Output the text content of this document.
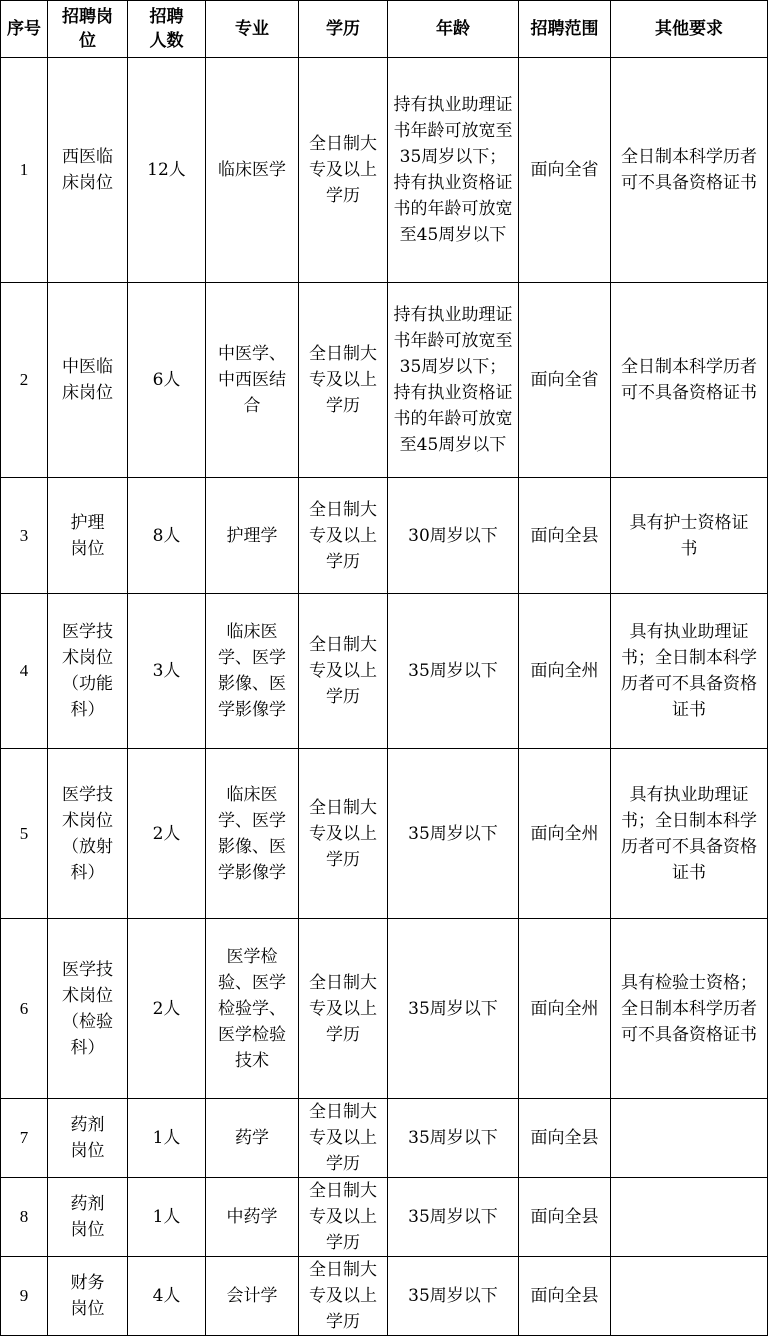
序号	招聘岗位	招聘人数	专业	学历	年龄	招聘范围	其他要求
1	西医临床岗位	12人	临床医学	全日制大专及以上学历	持有执业助理证书年龄可放宽至35周岁以下；持有执业资格证书的年龄可放宽至45周岁以下	面向全省	全日制本科学历者可不具备资格证书
2	中医临床岗位	6人	中医学、中西医结合	全日制大专及以上学历	持有执业助理证书年龄可放宽至35周岁以下；持有执业资格证书的年龄可放宽至45周岁以下	面向全省	全日制本科学历者可不具备资格证书
3	护理岗位	8人	护理学	全日制大专及以上学历	30周岁以下	面向全县	具有护士资格证书
4	医学技术岗位（功能科）	3人	临床医学、医学影像、医学影像学	全日制大专及以上学历	35周岁以下	面向全州	具有执业助理证书；全日制本科学历者可不具备资格证书
5	医学技术岗位（放射科）	2人	临床医学、医学影像、医学影像学	全日制大专及以上学历	35周岁以下	面向全州	具有执业助理证书；全日制本科学历者可不具备资格证书
6	医学技术岗位（检验科）	2人	医学检验、医学检验学、医学检验技术	全日制大专及以上学历	35周岁以下	面向全州	具有检验士资格；全日制本科学历者可不具备资格证书
7	药剂岗位	1人	药学	全日制大专及以上学历	35周岁以下	面向全县	
8	药剂岗位	1人	中药学	全日制大专及以上学历	35周岁以下	面向全县	
9	财务岗位	4人	会计学	全日制大专及以上学历	35周岁以下	面向全县	
